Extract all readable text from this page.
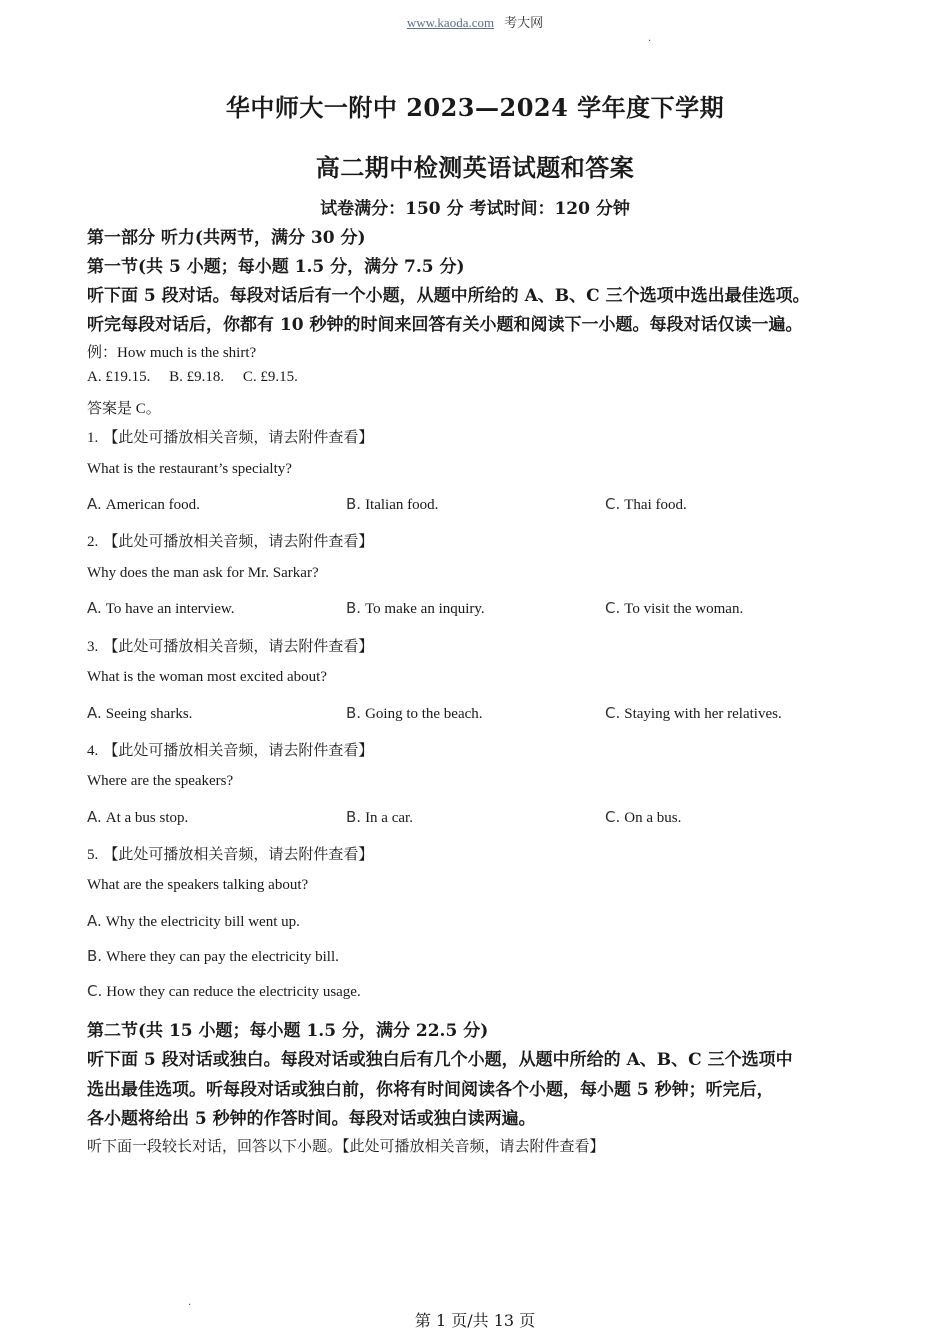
www.kaoda.com 考大网
·
华中师大一附中 2023—2024 学年度下学期
高二期中检测英语试题和答案
试卷满分：150 分 考试时间：120 分钟
第一部分 听力(共两节，满分 30 分)
第一节(共 5 小题；每小题 1.5 分，满分 7.5 分)
听下面 5 段对话。每段对话后有一个小题，从题中所给的 A、B、C 三个选项中选出最佳选项。
听完每段对话后，你都有 10 秒钟的时间来回答有关小题和阅读下一小题。每段对话仅读一遍。
例：How much is the shirt?
A. £19.15.     B. £9.18.     C. £9.15.
答案是 C。
1. 【此处可播放相关音频，请去附件查看】
What is the restaurant’s specialty?
A. American food.	B. Italian food.	C. Thai food.
2. 【此处可播放相关音频，请去附件查看】
Why does the man ask for Mr. Sarkar?
A. To have an interview.	B. To make an inquiry.	C. To visit the woman.
3. 【此处可播放相关音频，请去附件查看】
What is the woman most excited about?
A. Seeing sharks.	B. Going to the beach.	C. Staying with her relatives.
4. 【此处可播放相关音频，请去附件查看】
Where are the speakers?
A. At a bus stop.	B. In a car.	C. On a bus.
5. 【此处可播放相关音频，请去附件查看】
What are the speakers talking about?
A. Why the electricity bill went up.
B. Where they can pay the electricity bill.
C. How they can reduce the electricity usage.
第二节(共 15 小题；每小题 1.5 分，满分 22.5 分)
听下面 5 段对话或独白。每段对话或独白后有几个小题，从题中所给的 A、B、C 三个选项中
选出最佳选项。听每段对话或独白前，你将有时间阅读各个小题，每小题 5 秒钟；听完后，
各小题将给出 5 秒钟的作答时间。每段对话或独白读两遍。
听下面一段较长对话，回答以下小题。【此处可播放相关音频，请去附件查看】
·
第 1 页/共 13 页
